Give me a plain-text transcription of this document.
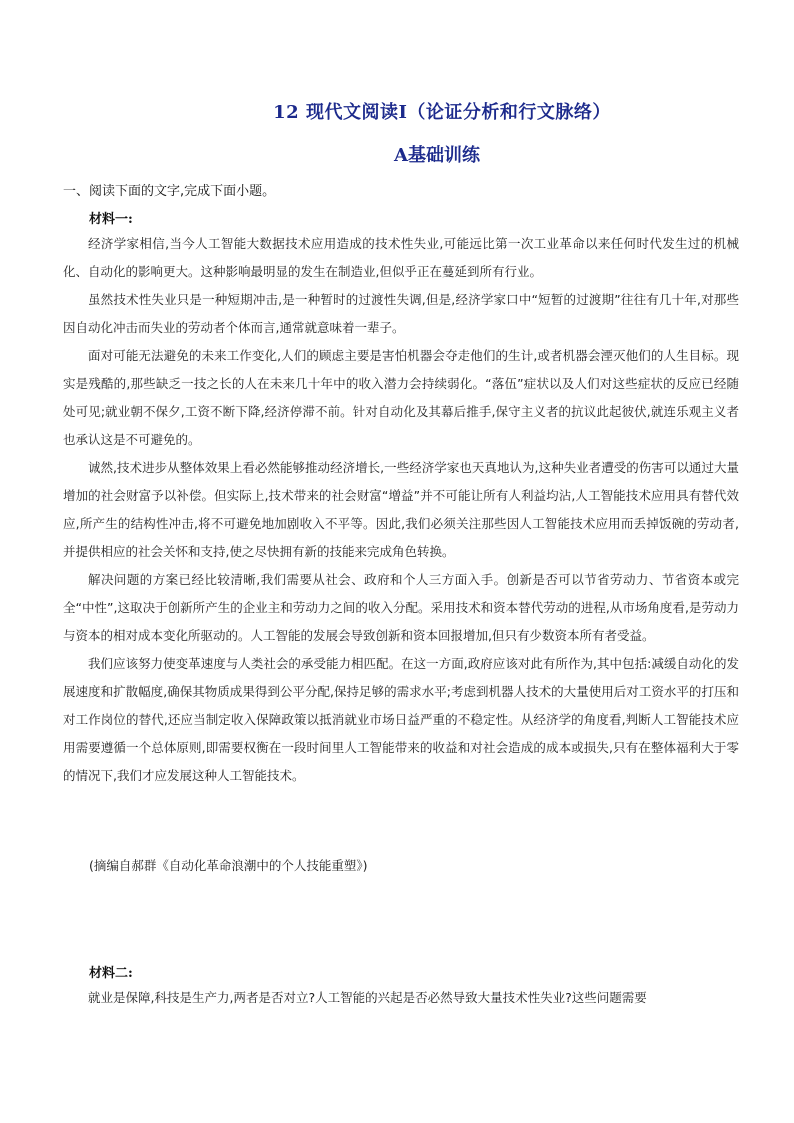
12 现代文阅读Ⅰ（论证分析和行文脉络）
A基础训练
一、阅读下面的文字,完成下面小题。
材料一:

经济学家相信,当今人工智能大数据技术应用造成的技术性失业,可能远比第一次工业革命以来任何时代发生过的机械化、自动化的影响更大。这种影响最明显的发生在制造业,但似乎正在蔓延到所有行业。

虽然技术性失业只是一种短期冲击,是一种暂时的过渡性失调,但是,经济学家口中“短暂的过渡期”往往有几十年,对那些因自动化冲击而失业的劳动者个体而言,通常就意味着一辈子。

面对可能无法避免的未来工作变化,人们的顾虑主要是害怕机器会夺走他们的生计,或者机器会湮灭他们的人生目标。现实是残酷的,那些缺乏一技之长的人在未来几十年中的收入潜力会持续弱化。“落伍”症状以及人们对这些症状的反应已经随处可见;就业朝不保夕,工资不断下降,经济停滞不前。针对自动化及其幕后推手,保守主义者的抗议此起彼伏,就连乐观主义者也承认这是不可避免的。

诚然,技术进步从整体效果上看必然能够推动经济增长,一些经济学家也天真地认为,这种失业者遭受的伤害可以通过大量增加的社会财富予以补偿。但实际上,技术带来的社会财富“增益”并不可能让所有人利益均沾,人工智能技术应用具有替代效应,所产生的结构性冲击,将不可避免地加剧收入不平等。因此,我们必须关注那些因人工智能技术应用而丢掉饭碗的劳动者,并提供相应的社会关怀和支持,使之尽快拥有新的技能来完成角色转换。

解决问题的方案已经比较清晰,我们需要从社会、政府和个人三方面入手。创新是否可以节省劳动力、节省资本或完全“中性”,这取决于创新所产生的企业主和劳动力之间的收入分配。采用技术和资本替代劳动的进程,从市场角度看,是劳动力与资本的相对成本变化所驱动的。人工智能的发展会导致创新和资本回报增加,但只有少数资本所有者受益。

我们应该努力使变革速度与人类社会的承受能力相匹配。在这一方面,政府应该对此有所作为,其中包括:减缓自动化的发展速度和扩散幅度,确保其物质成果得到公平分配,保持足够的需求水平;考虑到机器人技术的大量使用后对工资水平的打压和对工作岗位的替代,还应当制定收入保障政策以抵消就业市场日益严重的不稳定性。从经济学的角度看,判断人工智能技术应用需要遵循一个总体原则,即需要权衡在一段时间里人工智能带来的收益和对社会造成的成本或损失,只有在整体福利大于零的情况下,我们才应发展这种人工智能技术。

(摘编自郝群《自动化革命浪潮中的个人技能重塑》)
材料二:

就业是保障,科技是生产力,两者是否对立?人工智能的兴起是否必然导致大量技术性失业?这些问题需要
